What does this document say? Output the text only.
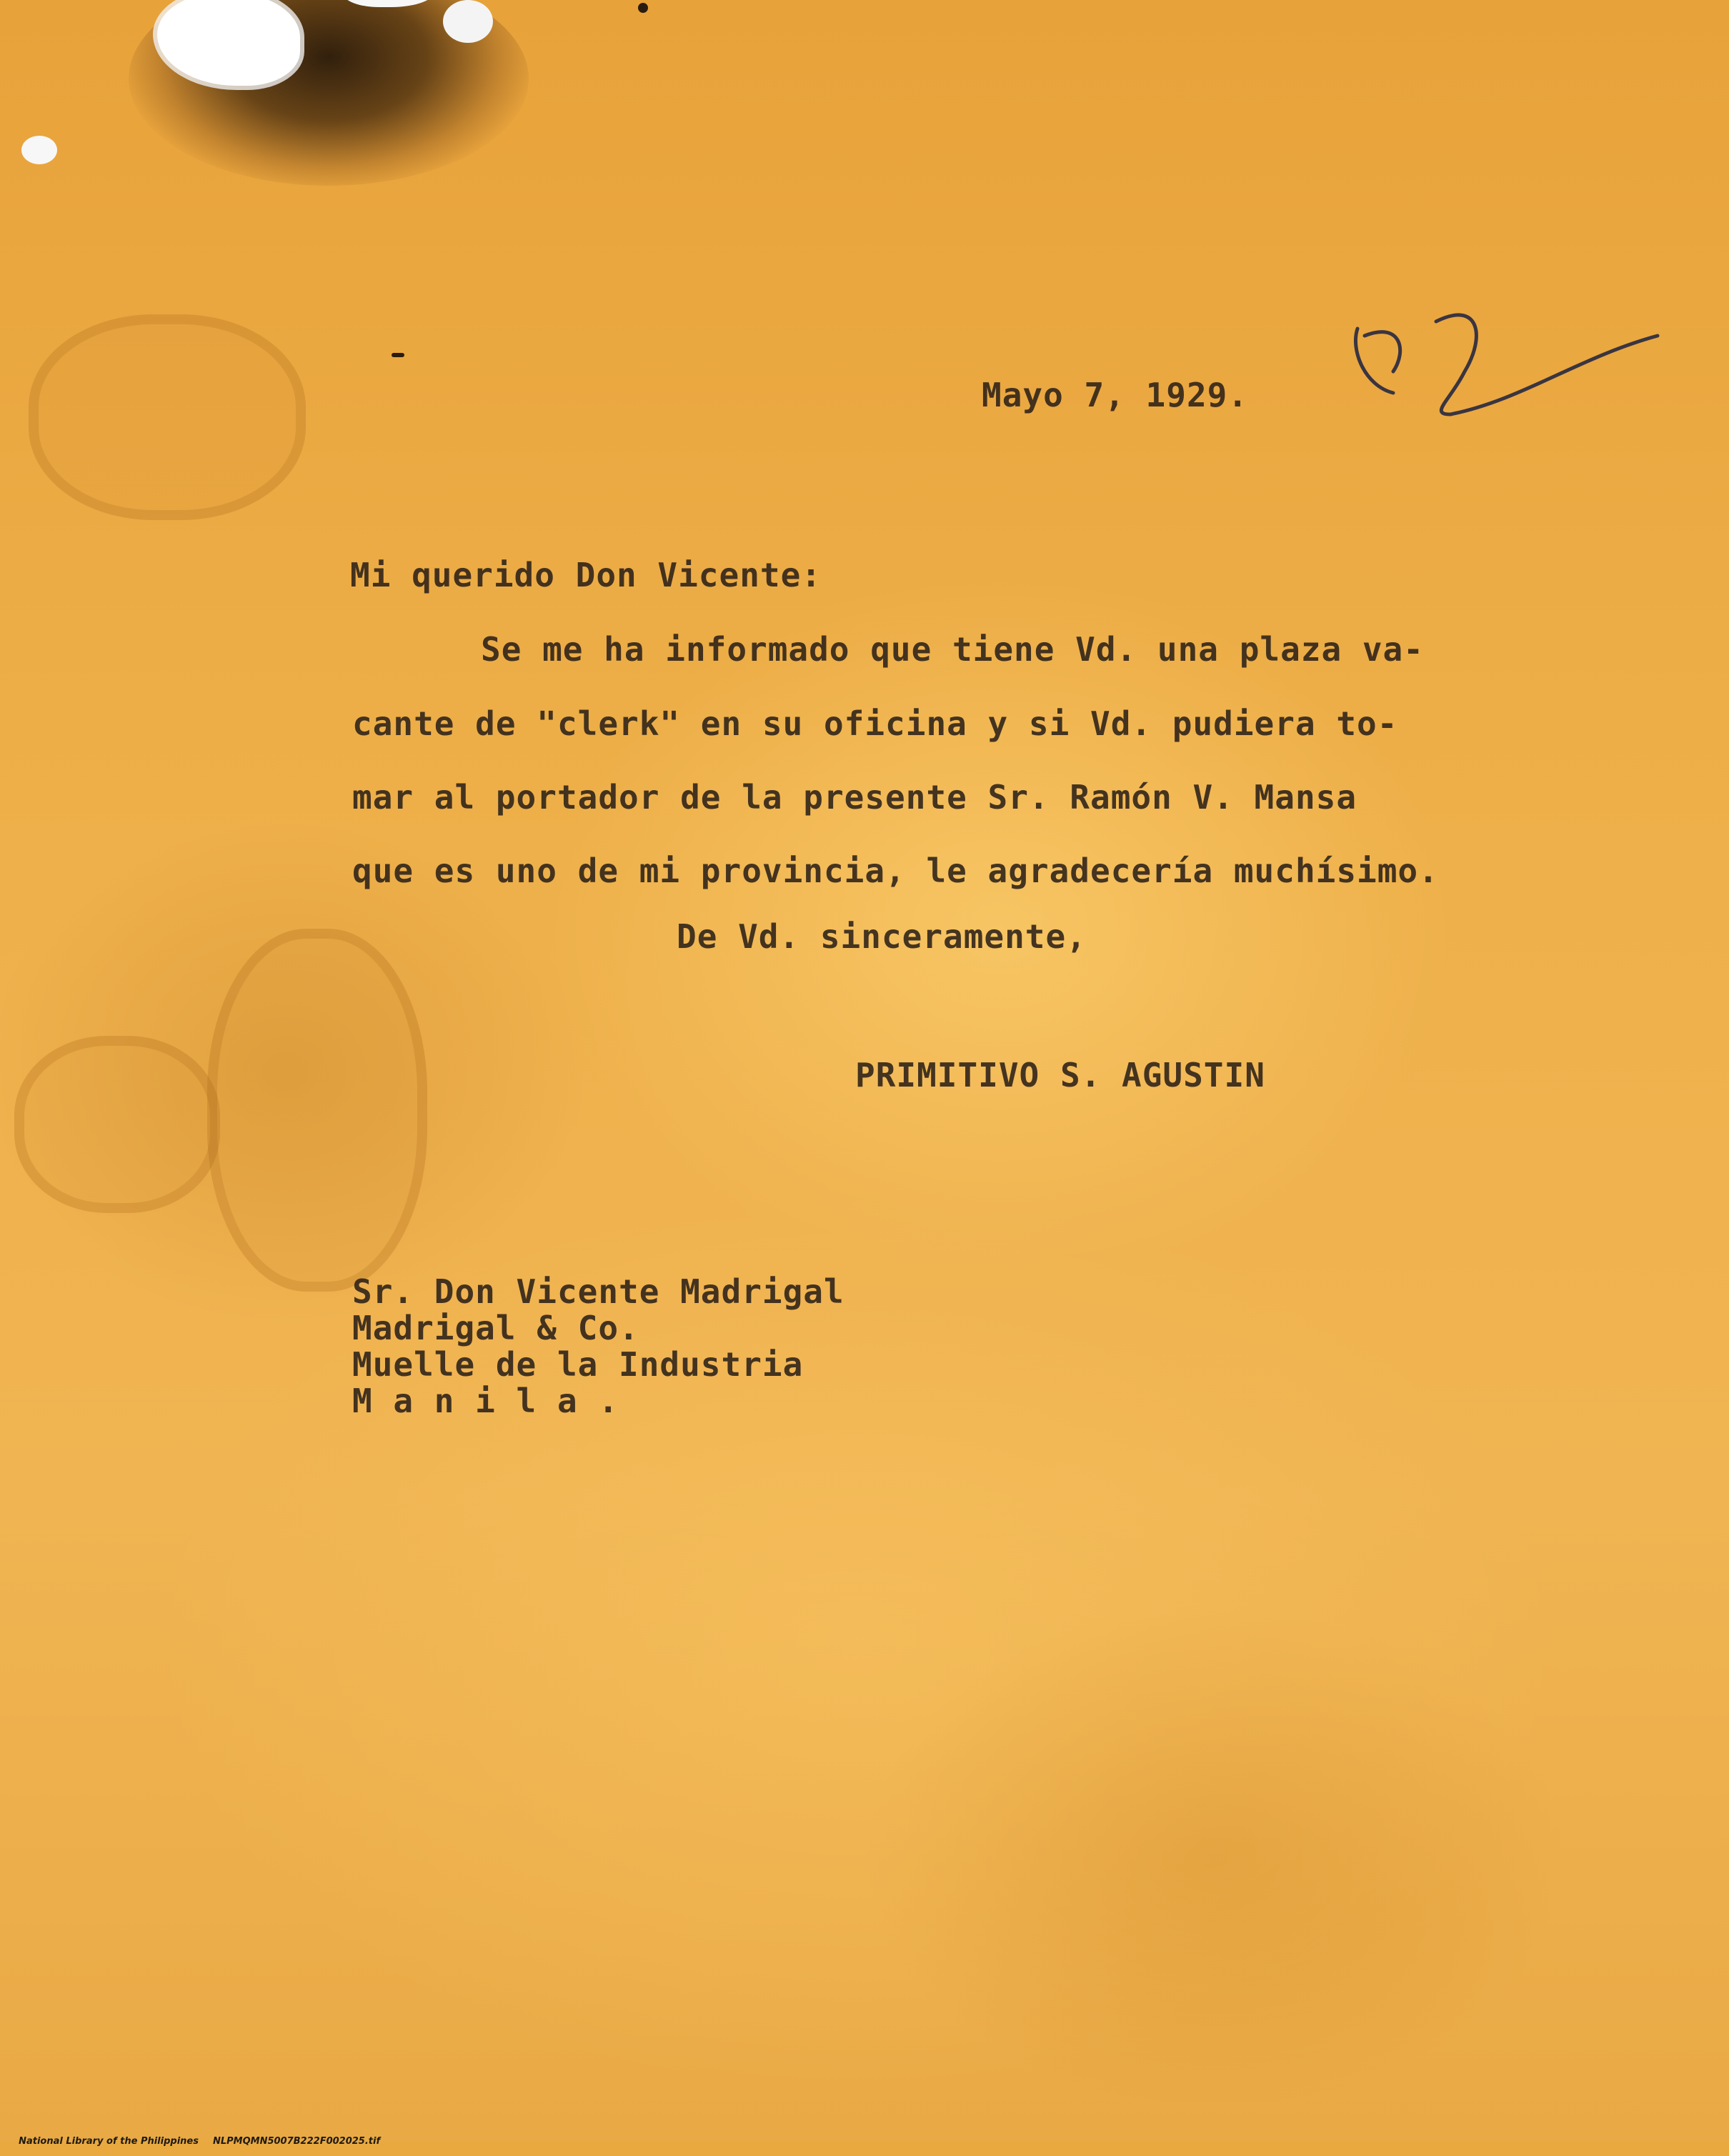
Mayo 7, 1929.

Mi querido Don Vicente:

Se me ha informado que tiene Vd. una plaza va-

cante de "clerk" en su oficina y si Vd. pudiera to-

mar al portador de la presente Sr. Ramón V. Mansa

que es uno de mi provincia, le agradecería muchísimo.

De Vd. sinceramente,

PRIMITIVO S. AGUSTIN

Sr. Don Vicente Madrigal

Madrigal & Co.

Muelle de la Industria

M a n i l a .

National Library of the Philippines NLPMQMN5007B222F002025.tif
